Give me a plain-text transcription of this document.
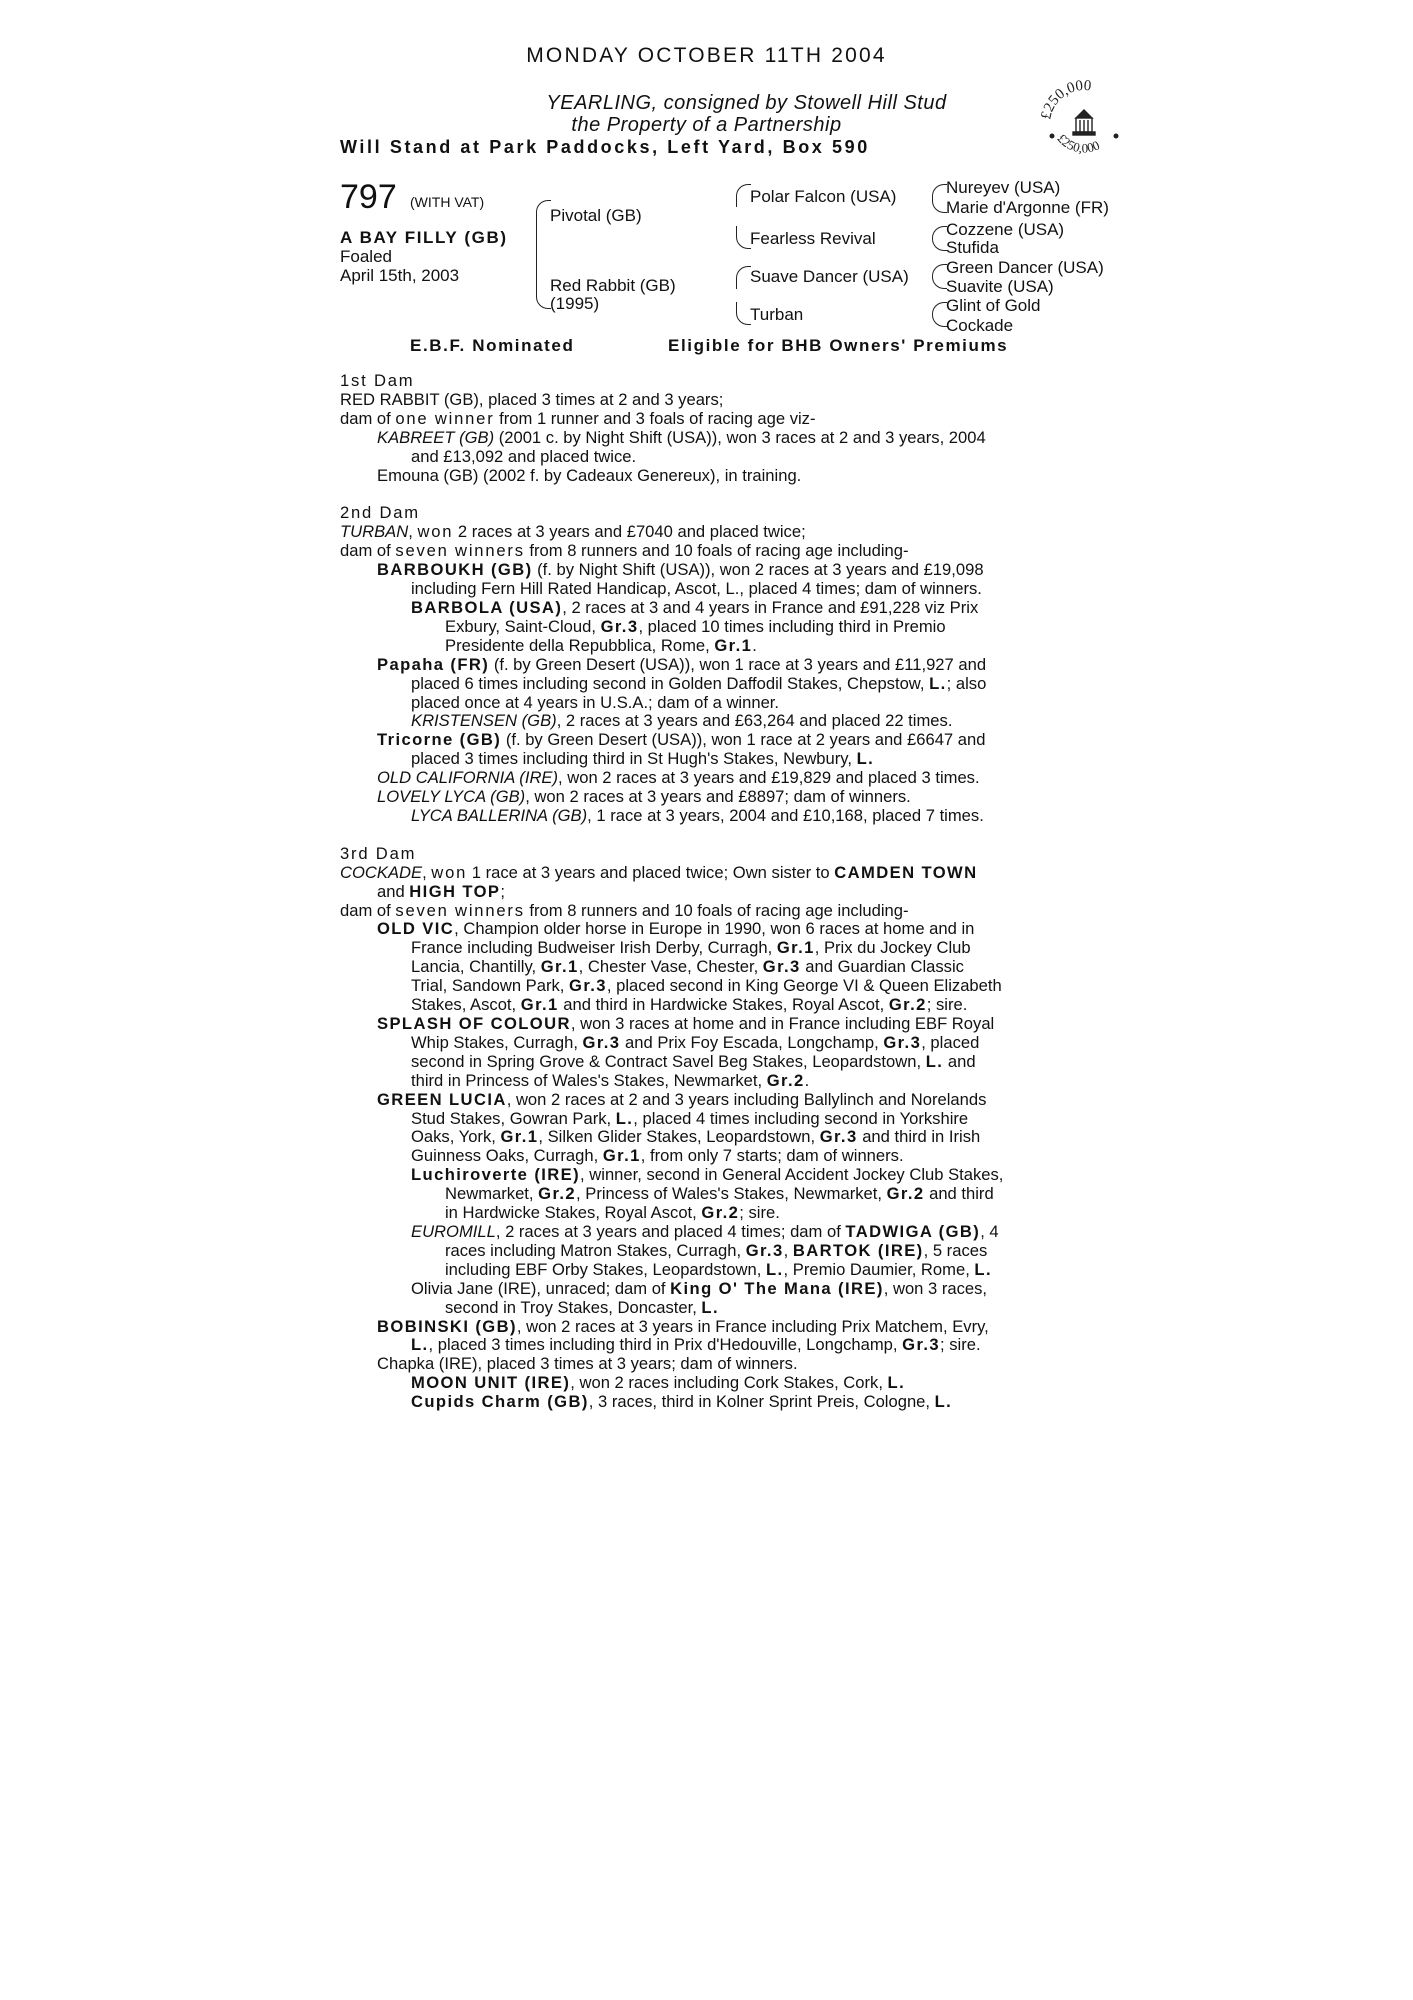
MONDAY OCTOBER 11TH 2004
YEARLING, consigned by Stowell Hill Stud
the Property of a Partnership
Will Stand at Park Paddocks, Left Yard, Box 590
£250,000
£250,000
797 (WITH VAT)
A BAY FILLY (GB)
Foaled
April 15th, 2003
Pivotal (GB)
Red Rabbit (GB)
(1995)
Polar Falcon (USA)
Fearless Revival
Suave Dancer (USA)
Turban
Nureyev (USA)
Marie d'Argonne (FR)
Cozzene (USA)
Stufida
Green Dancer (USA)
Suavite (USA)
Glint of Gold
Cockade
E.B.F. Nominated	Eligible for BHB Owners' Premiums

1st Dam

RED RABBIT (GB), placed 3 times at 2 and 3 years;

dam of one winner from 1 runner and 3 foals of racing age viz-

KABREET (GB) (2001 c. by Night Shift (USA)), won 3 races at 2 and 3 years, 2004

and £13,092 and placed twice.

Emouna (GB) (2002 f. by Cadeaux Genereux), in training.

2nd Dam

TURBAN, won 2 races at 3 years and £7040 and placed twice;

dam of seven winners from 8 runners and 10 foals of racing age including-

BARBOUKH (GB) (f. by Night Shift (USA)), won 2 races at 3 years and £19,098

including Fern Hill Rated Handicap, Ascot, L., placed 4 times; dam of winners.

BARBOLA (USA), 2 races at 3 and 4 years in France and £91,228 viz Prix

Exbury, Saint-Cloud, Gr.3, placed 10 times including third in Premio

Presidente della Repubblica, Rome, Gr.1.

Papaha (FR) (f. by Green Desert (USA)), won 1 race at 3 years and £11,927 and

placed 6 times including second in Golden Daffodil Stakes, Chepstow, L.; also

placed once at 4 years in U.S.A.; dam of a winner.

KRISTENSEN (GB), 2 races at 3 years and £63,264 and placed 22 times.

Tricorne (GB) (f. by Green Desert (USA)), won 1 race at 2 years and £6647 and

placed 3 times including third in St Hugh's Stakes, Newbury, L.

OLD CALIFORNIA (IRE), won 2 races at 3 years and £19,829 and placed 3 times.

LOVELY LYCA (GB), won 2 races at 3 years and £8897; dam of winners.

LYCA BALLERINA (GB), 1 race at 3 years, 2004 and £10,168, placed 7 times.

3rd Dam

COCKADE, won 1 race at 3 years and placed twice; Own sister to CAMDEN TOWN

and HIGH TOP;

dam of seven winners from 8 runners and 10 foals of racing age including-

OLD VIC, Champion older horse in Europe in 1990, won 6 races at home and in

France including Budweiser Irish Derby, Curragh, Gr.1, Prix du Jockey Club

Lancia, Chantilly, Gr.1, Chester Vase, Chester, Gr.3 and Guardian Classic

Trial, Sandown Park, Gr.3, placed second in King George VI & Queen Elizabeth

Stakes, Ascot, Gr.1 and third in Hardwicke Stakes, Royal Ascot, Gr.2; sire.

SPLASH OF COLOUR, won 3 races at home and in France including EBF Royal

Whip Stakes, Curragh, Gr.3 and Prix Foy Escada, Longchamp, Gr.3, placed

second in Spring Grove & Contract Savel Beg Stakes, Leopardstown, L. and

third in Princess of Wales's Stakes, Newmarket, Gr.2.

GREEN LUCIA, won 2 races at 2 and 3 years including Ballylinch and Norelands

Stud Stakes, Gowran Park, L., placed 4 times including second in Yorkshire

Oaks, York, Gr.1, Silken Glider Stakes, Leopardstown, Gr.3 and third in Irish

Guinness Oaks, Curragh, Gr.1, from only 7 starts; dam of winners.

Luchiroverte (IRE), winner, second in General Accident Jockey Club Stakes,

Newmarket, Gr.2, Princess of Wales's Stakes, Newmarket, Gr.2 and third

in Hardwicke Stakes, Royal Ascot, Gr.2; sire.

EUROMILL, 2 races at 3 years and placed 4 times; dam of TADWIGA (GB), 4

races including Matron Stakes, Curragh, Gr.3, BARTOK (IRE), 5 races

including EBF Orby Stakes, Leopardstown, L., Premio Daumier, Rome, L.

Olivia Jane (IRE), unraced; dam of King O' The Mana (IRE), won 3 races,

second in Troy Stakes, Doncaster, L.

BOBINSKI (GB), won 2 races at 3 years in France including Prix Matchem, Evry,

L., placed 3 times including third in Prix d'Hedouville, Longchamp, Gr.3; sire.

Chapka (IRE), placed 3 times at 3 years; dam of winners.

MOON UNIT (IRE), won 2 races including Cork Stakes, Cork, L.

Cupids Charm (GB), 3 races, third in Kolner Sprint Preis, Cologne, L.
